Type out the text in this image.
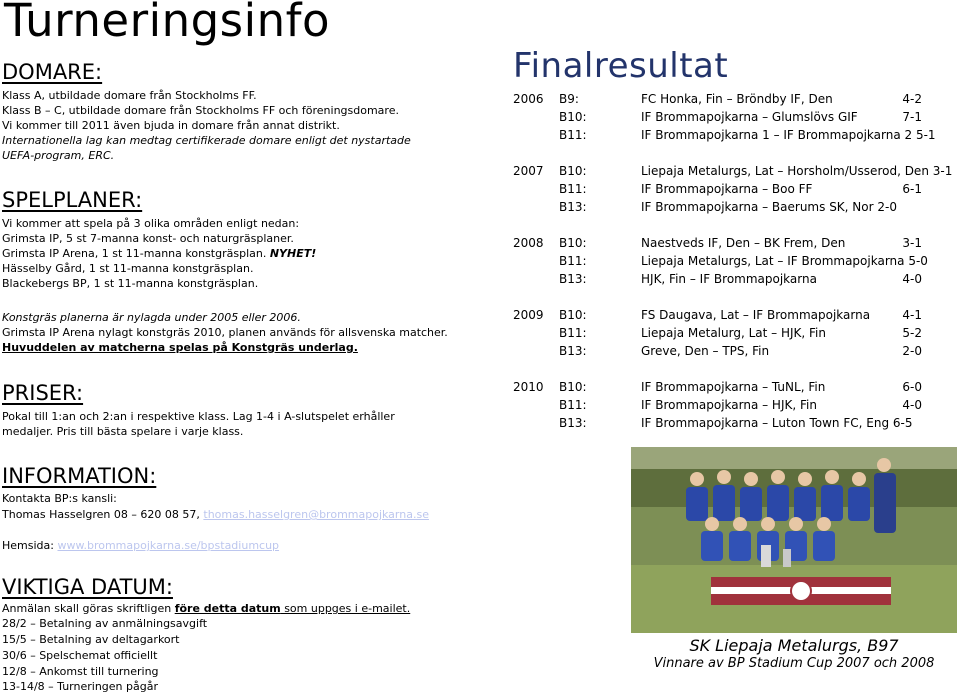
Turneringsinfo
DOMARE:
Klass A, utbildade domare från Stockholms FF.
Klass B – C, utbildade domare från Stockholms FF och föreningsdomare.
Vi kommer till 2011 även bjuda in domare från annat distrikt.
Internationella lag kan medtag certifikerade domare enligt det nystartade
UEFA-program, ERC.
SPELPLANER:
Vi kommer att spela på 3 olika områden enligt nedan:
Grimsta IP, 5 st 7-manna konst- och naturgräsplaner.
Grimsta IP Arena, 1 st 11-manna konstgräsplan. NYHET!
Hässelby Gård, 1 st 11-manna konstgräsplan.
Blackebergs BP, 1 st 11-manna konstgräsplan.
Konstgräs planerna är nylagda under 2005 eller 2006.
Grimsta IP Arena nylagt konstgräs 2010, planen används för allsvenska matcher.
Huvuddelen av matcherna spelas på Konstgräs underlag.
PRISER:
Pokal till 1:an och 2:an i respektive klass. Lag 1-4 i A-slutspelet erhåller
medaljer. Pris till bästa spelare i varje klass.
INFORMATION:
Kontakta BP:s kansli:
Thomas Hasselgren 08 – 620 08 57, thomas.hasselgren@brommapojkarna.se
Hemsida: www.brommapojkarna.se/bpstadiumcup
VIKTIGA DATUM:
Anmälan skall göras skriftligen före detta datum som uppges i e-mailet.
28/2 – Betalning av anmälningsavgift
15/5 – Betalning av deltagarkort
30/6 – Spelschemat officiellt
12/8 – Ankomst till turnering
13-14/8 – Turneringen pågår
Finalresultat
2006 B9:	FC Honka, Fin – Bröndby IF, Den	4-2
B10:	IF Brommapojkarna – Glumslövs GIF	7-1
B11:	IF Brommapojkarna 1 – IF Brommapojkarna 2 5-1
2007 B10:	Liepaja Metalurgs, Lat – Horsholm/Usserod, Den 3-1
B11:	IF Brommapojkarna – Boo FF	6-1
B13:	IF Brommapojkarna – Baerums SK, Nor 2-0
2008 B10:	Naestveds IF, Den – BK Frem, Den	3-1
B11:	Liepaja Metalurgs, Lat – IF Brommapojkarna 5-0
B13:	HJK, Fin – IF Brommapojkarna	4-0
2009 B10:	FS Daugava, Lat – IF Brommapojkarna	4-1
B11:	Liepaja Metalurg, Lat – HJK, Fin	5-2
B13:	Greve, Den – TPS, Fin	2-0
2010 B10:	IF Brommapojkarna – TuNL, Fin	6-0
B11:	IF Brommapojkarna – HJK, Fin	4-0
B13:	IF Brommapojkarna – Luton Town FC, Eng 6-5
SK Liepaja Metalurgs, B97
Vinnare av BP Stadium Cup 2007 och 2008
